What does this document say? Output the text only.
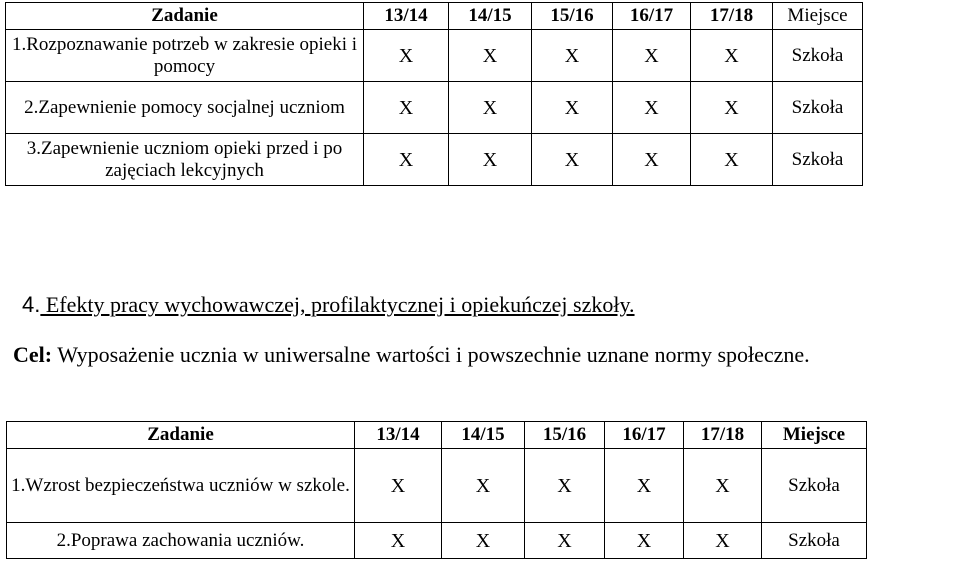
Zadanie	13/14	14/15	15/16	16/17	17/18	Miejsce
1.Rozpoznawanie potrzeb w zakresie opieki i pomocy	X	X	X	X	X	Szkoła
2.Zapewnienie pomocy socjalnej uczniom	X	X	X	X	X	Szkoła
3.Zapewnienie uczniom opieki przed i po zajęciach lekcyjnych	X	X	X	X	X	Szkoła
4. Efekty pracy wychowawczej, profilaktycznej i opiekuńczej szkoły.
Cel: Wyposażenie ucznia w uniwersalne wartości i powszechnie uznane normy społeczne.
Zadanie	13/14	14/15	15/16	16/17	17/18	Miejsce
1.Wzrost bezpieczeństwa uczniów w szkole.	X	X	X	X	X	Szkoła
2.Poprawa zachowania uczniów.	X	X	X	X	X	Szkoła
